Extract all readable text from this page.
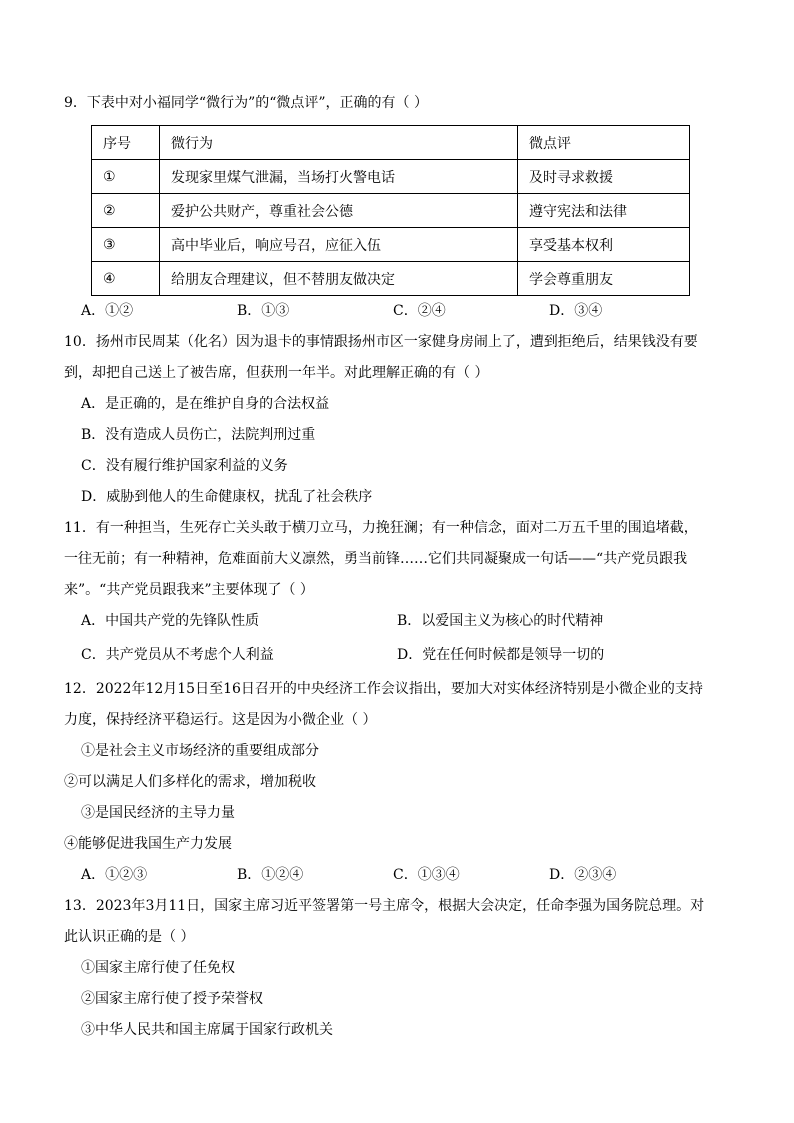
9．下表中对小福同学“微行为”的“微点评”，正确的有（ ）
序号	微行为	微点评
①	发现家里煤气泄漏，当场打火警电话	及时寻求救援
②	爱护公共财产，尊重社会公德	遵守宪法和法律
③	高中毕业后，响应号召，应征入伍	享受基本权利
④	给朋友合理建议，但不替朋友做决定	学会尊重朋友
A．①②	B．①③	C．②④	D．③④
10．扬州市民周某（化名）因为退卡的事情跟扬州市区一家健身房闹上了，遭到拒绝后，结果钱没有要
到，却把自己送上了被告席，但获刑一年半。对此理解正确的有（ ）
A．是正确的，是在维护自身的合法权益
B．没有造成人员伤亡，法院判刑过重
C．没有履行维护国家利益的义务
D．威胁到他人的生命健康权，扰乱了社会秩序
11．有一种担当，生死存亡关头敢于横刀立马，力挽狂澜；有一种信念，面对二万五千里的围追堵截，
一往无前；有一种精神，危难面前大义凛然，勇当前锋……它们共同凝聚成一句话——“共产党员跟我
来”。“共产党员跟我来”主要体现了（ ）
A．中国共产党的先锋队性质	B．以爱国主义为核心的时代精神
C．共产党员从不考虑个人利益	D．党在任何时候都是领导一切的
12．2022年12月15日至16日召开的中央经济工作会议指出，要加大对实体经济特别是小微企业的支持
力度，保持经济平稳运行。这是因为小微企业（ ）
①是社会主义市场经济的重要组成部分
②可以满足人们多样化的需求，增加税收
③是国民经济的主导力量
④能够促进我国生产力发展
A．①②③	B．①②④	C．①③④	D．②③④
13．2023年3月11日，国家主席习近平签署第一号主席令，根据大会决定，任命李强为国务院总理。对
此认识正确的是（ ）
①国家主席行使了任免权
②国家主席行使了授予荣誉权
③中华人民共和国主席属于国家行政机关
